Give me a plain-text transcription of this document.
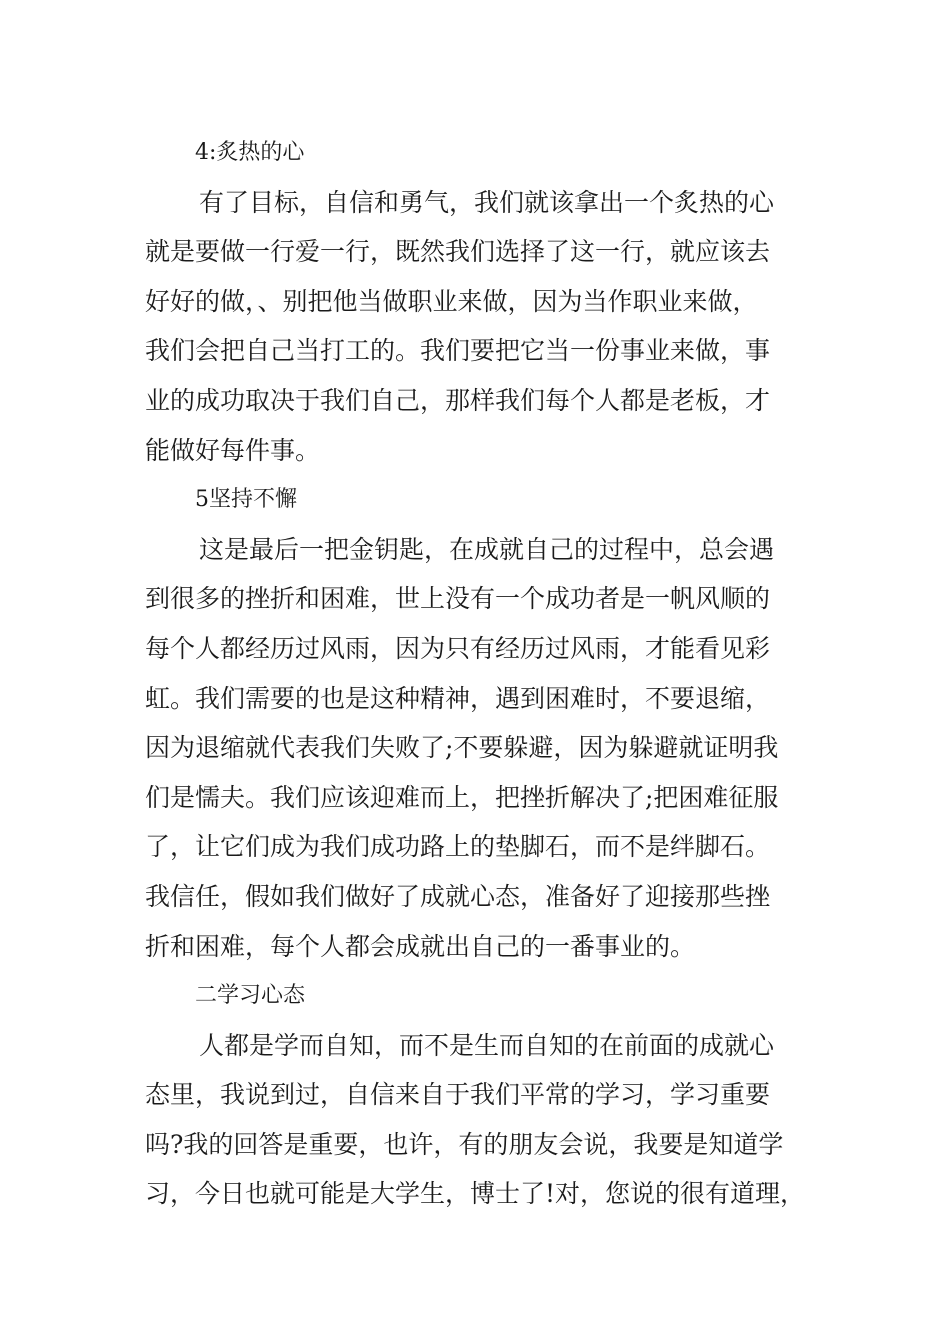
4:炙热的心

有了目标，自信和勇气，我们就该拿出一个炙热的心

就是要做一行爱一行，既然我们选择了这一行，就应该去

好好的做，、别把他当做职业来做，因为当作职业来做，

我们会把自己当打工的。我们要把它当一份事业来做，事

业的成功取决于我们自己，那样我们每个人都是老板，才

能做好每件事。

5坚持不懈

这是最后一把金钥匙，在成就自己的过程中，总会遇

到很多的挫折和困难，世上没有一个成功者是一帆风顺的

每个人都经历过风雨，因为只有经历过风雨，才能看见彩

虹。我们需要的也是这种精神，遇到困难时，不要退缩，

因为退缩就代表我们失败了;不要躲避，因为躲避就证明我

们是懦夫。我们应该迎难而上，把挫折解决了;把困难征服

了，让它们成为我们成功路上的垫脚石，而不是绊脚石。

我信任，假如我们做好了成就心态，准备好了迎接那些挫

折和困难，每个人都会成就出自己的一番事业的。

二学习心态

人都是学而自知，而不是生而自知的在前面的成就心

态里，我说到过，自信来自于我们平常的学习，学习重要

吗?我的回答是重要，也许，有的朋友会说，我要是知道学

习，今日也就可能是大学生，博士了!对，您说的很有道理，
